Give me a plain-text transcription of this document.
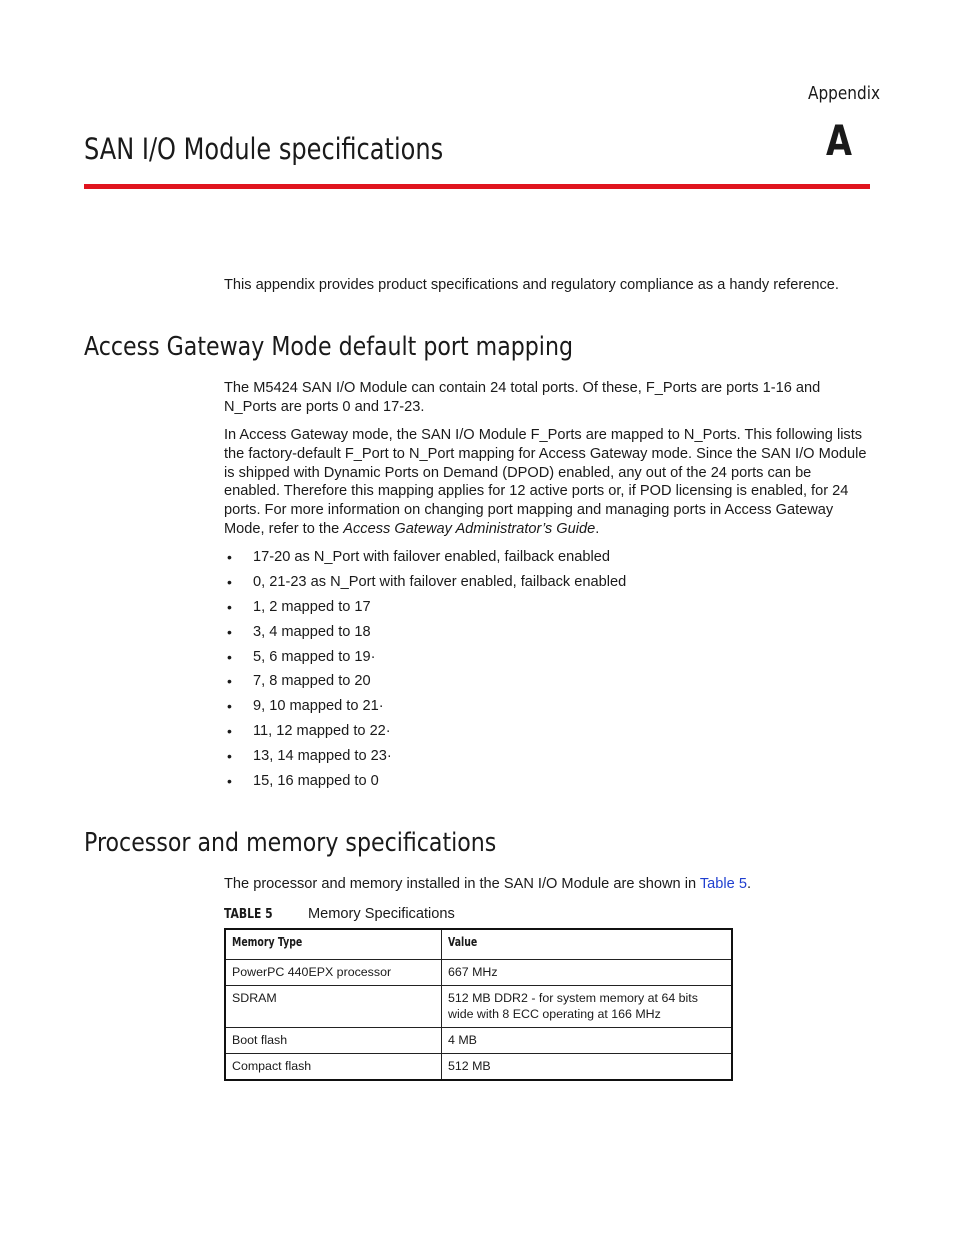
Appendix
A
SAN I/O Module specifications

This appendix provides product specifications and regulatory compliance as a handy reference.

Access Gateway Mode default port mapping

The M5424 SAN I/O Module can contain 24 total ports. Of these, F_Ports are ports 1-16 and N_Ports are ports 0 and 17-23.

In Access Gateway mode, the SAN I/O Module F_Ports are mapped to N_Ports. This following lists the factory-default F_Port to N_Port mapping for Access Gateway mode. Since the SAN I/O Module is shipped with Dynamic Ports on Demand (DPOD) enabled, any out of the 24 ports can be enabled. Therefore this mapping applies for 12 active ports or, if POD licensing is enabled, for 24 ports. For more information on changing port mapping and managing ports in Access Gateway Mode, refer to the Access Gateway Administrator’s Guide.

• 17-20 as N_Port with failover enabled, failback enabled
• 0, 21-23 as N_Port with failover enabled, failback enabled
• 1, 2 mapped to 17
• 3, 4 mapped to 18
• 5, 6 mapped to 19·
• 7, 8 mapped to 20
• 9, 10 mapped to 21·
• 11, 12 mapped to 22·
• 13, 14 mapped to 23·
• 15, 16 mapped to 0
Processor and memory specifications

The processor and memory installed in the SAN I/O Module are shown in Table 5.

TABLE 5 Memory Specifications
Memory Type	Value
PowerPC 440EPX processor	667 MHz
SDRAM	512 MB DDR2 - for system memory at 64 bits wide with 8 ECC operating at 166 MHz
Boot flash	4 MB
Compact flash	512 MB
